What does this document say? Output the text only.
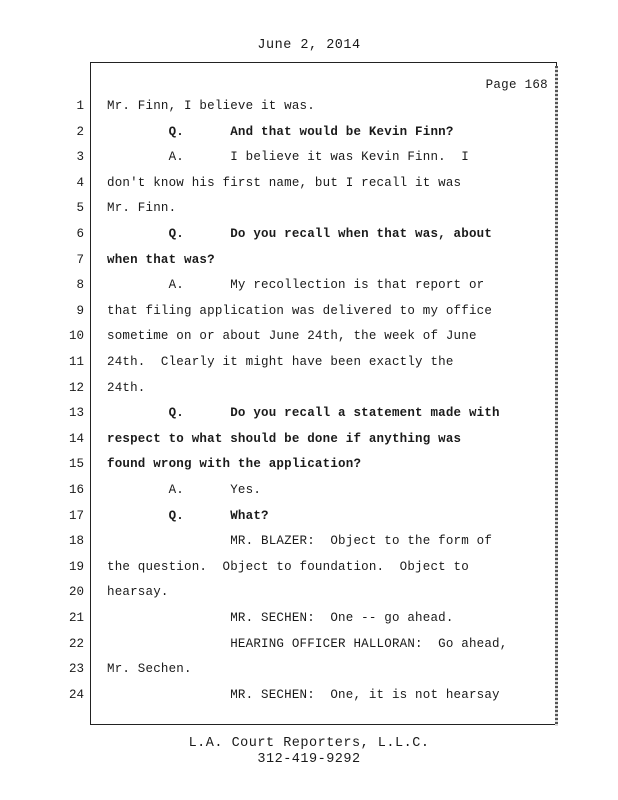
June 2, 2014
Page 168
1 Mr. Finn, I believe it was.
2 Q.      And that would be Kevin Finn?
3 A.      I believe it was Kevin Finn.  I
4 don't know his first name, but I recall it was
5 Mr. Finn.
6 Q.      Do you recall when that was, about
7 when that was?
8 A.      My recollection is that report or
9 that filing application was delivered to my office
10 sometime on or about June 24th, the week of June
11 24th.  Clearly it might have been exactly the
12 24th.
13 Q.      Do you recall a statement made with
14 respect to what should be done if anything was
15 found wrong with the application?
16 A.      Yes.
17 Q.      What?
18 MR. BLAZER:  Object to the form of
19 the question.  Object to foundation.  Object to
20 hearsay.
21 MR. SECHEN:  One -- go ahead.
22 HEARING OFFICER HALLORAN:  Go ahead,
23 Mr. Sechen.
24 MR. SECHEN:  One, it is not hearsay
L.A. Court Reporters, L.L.C.
312-419-9292
